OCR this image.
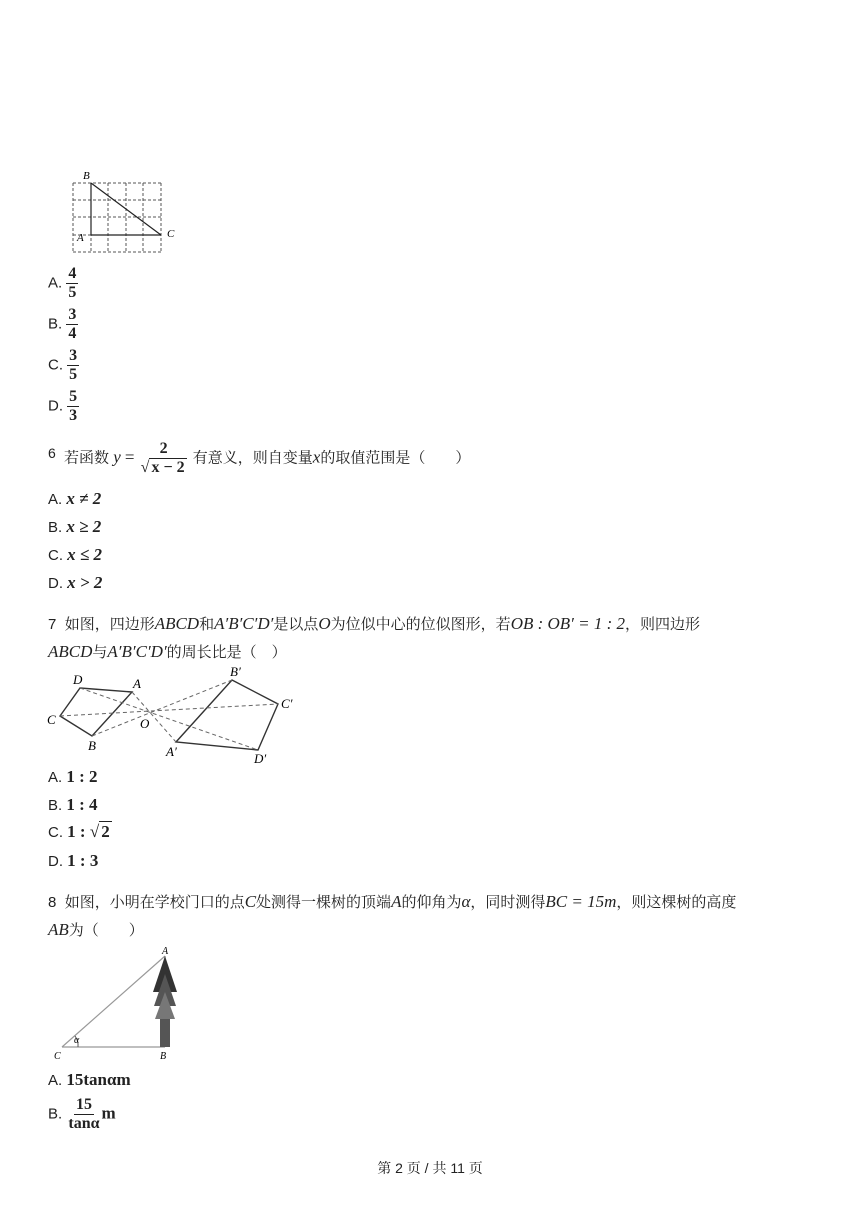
B
A	C
A. $\frac{4}{5}$
B. $\frac{3}{4}$
C. $\frac{3}{5}$
D. $\frac{5}{3}$
6 若函数 $y = \frac{2}{√ x - 2}$ 有意义，则自变量x的取值范围是（　　）
A. x ≠ 2
B. x ≥ 2
C. x ≤ 2
D. x > 2
7 如图，四边形ABCD和A′B′C′D′是以点O为位似中心的位似图形，若OB : OB′ = 1 : 2，则四边形
ABCD与A′B′C′D′的周长比是（　）
D	A
C
B
O
B′
C′
A′	D′
A. 1 : 2
B. 1 : 4
C. 1 : √ 2
D. 1 : 3
8 如图，小明在学校门口的点C处测得一棵树的顶端A的仰角为α，同时测得BC = 15m，则这棵树的高度
AB为（　　）
A
C	B
α
A. 15tanαm
B. $\frac{15}{\tan\alpha}$ m
第 2 页 / 共 11 页
